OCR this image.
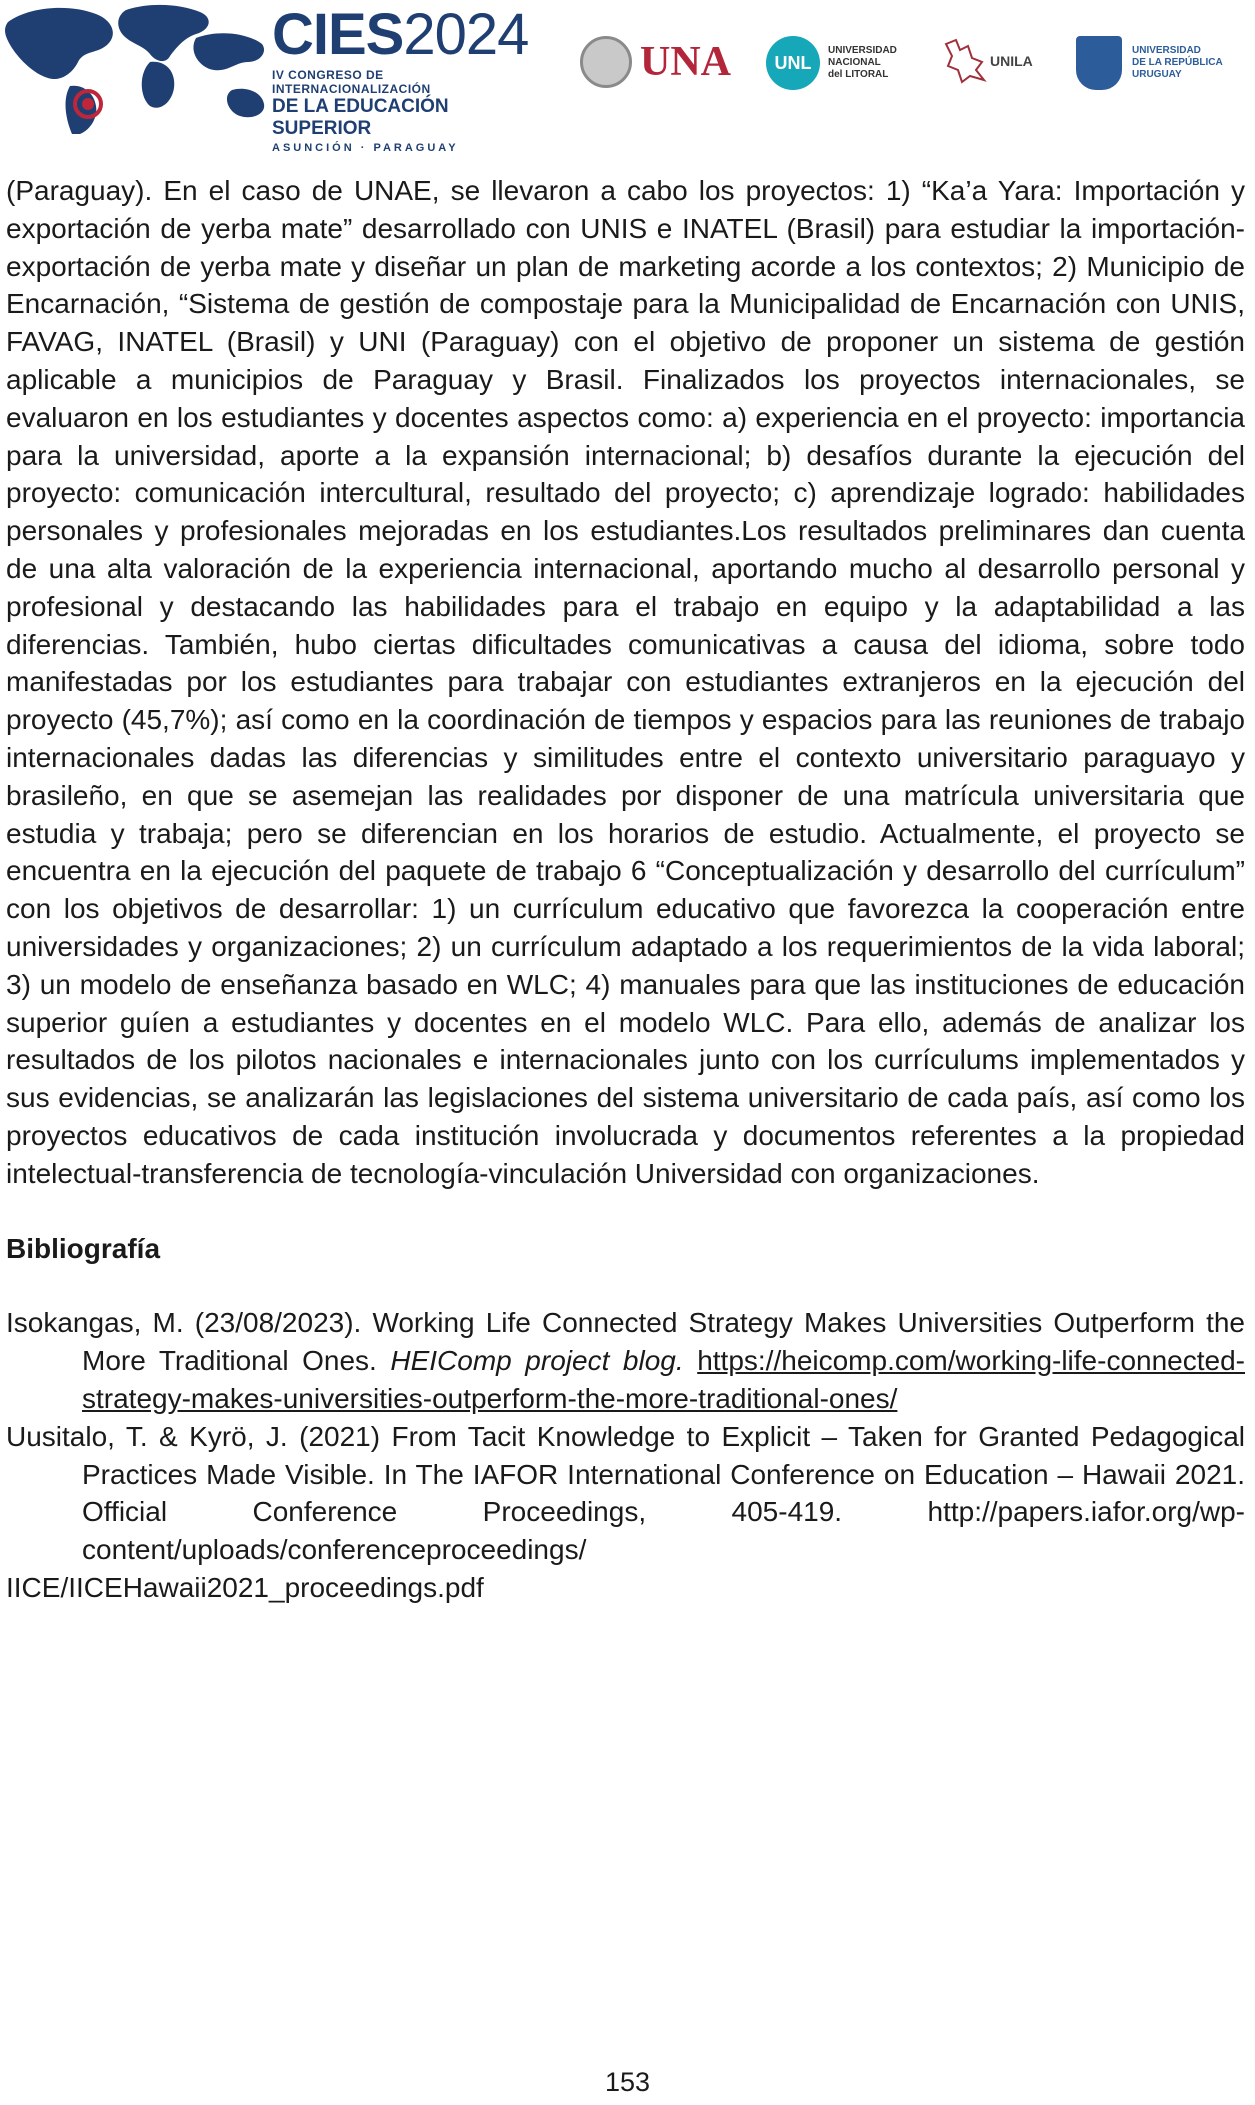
CIES2024
IV CONGRESO DE INTERNACIONALIZACIÓN
DE LA EDUCACIÓN SUPERIOR
ASUNCIÓN · PARAGUAY
UNA	UNL
UNIVERSIDAD
NACIONAL
del LITORAL
UNILA
UNIVERSIDAD
DE LA REPÚBLICA
URUGUAY

(Paraguay). En el caso de UNAE, se llevaron a cabo los proyectos: 1) “Ka’a Yara: Importación y exportación de yerba mate” desarrollado con UNIS e INATEL (Brasil) para estudiar la importación-exportación de yerba mate y diseñar un plan de marketing acorde a los contextos; 2) Municipio de Encarnación, “Sistema de gestión de compostaje para la Municipalidad de Encarnación con UNIS, FAVAG, INATEL (Brasil) y UNI (Paraguay) con el objetivo de proponer un sistema de gestión aplicable a municipios de Paraguay y Brasil. Finalizados los proyectos internacionales, se evaluaron en los estudiantes y docentes aspectos como: a) experiencia en el proyecto: importancia para la universidad, aporte a la expansión internacional; b) desafíos durante la ejecución del proyecto: comunicación intercultural, resultado del proyecto; c) aprendizaje logrado: habilidades personales y profesionales mejoradas en los estudiantes.Los resultados preliminares dan cuenta de una alta valoración de la experiencia internacional, aportando mucho al desarrollo personal y profesional y destacando las habilidades para el trabajo en equipo y la adaptabilidad a las diferencias. También, hubo ciertas dificultades comunicativas a causa del idioma, sobre todo manifestadas por los estudiantes para trabajar con estudiantes extranjeros en la ejecución del proyecto (45,7%); así como en la coordinación de tiempos y espacios para las reuniones de trabajo internacionales dadas las diferencias y similitudes entre el contexto universitario paraguayo y brasileño, en que se asemejan las realidades por disponer de una matrícula universitaria que estudia y trabaja; pero se diferencian en los horarios de estudio. Actualmente, el proyecto se encuentra en la ejecución del paquete de trabajo 6 “Conceptualización y desarrollo del currículum” con los objetivos de desarrollar: 1) un currículum educativo que favorezca la cooperación entre universidades y organizaciones; 2) un currículum adaptado a los requerimientos de la vida laboral; 3) un modelo de enseñanza basado en WLC; 4) manuales para que las instituciones de educación superior guíen a estudiantes y docentes en el modelo WLC. Para ello, además de analizar los resultados de los pilotos nacionales e internacionales junto con los currículums implementados y sus evidencias, se analizarán las legislaciones del sistema universitario de cada país, así como los proyectos educativos de cada institución involucrada y documentos referentes a la propiedad intelectual-transferencia de tecnología-vinculación Universidad con organizaciones.

Bibliografía

Isokangas, M. (23/08/2023). Working Life Connected Strategy Makes Universities Outperform the More Traditional Ones. HEIComp project blog. https://heicomp.com/working-life-connected-strategy-makes-universities-outperform-the-more-traditional-ones/

Uusitalo, T. & Kyrö, J. (2021) From Tacit Knowledge to Explicit – Taken for Granted Pedagogical Practices Made Visible. In The IAFOR International Conference on Education – Hawaii 2021. Official Conference Proceedings, 405-419. http://papers.iafor.org/wp-content/uploads/conferenceproceedings/
IICE/IICEHawaii2021_proceedings.pdf

153
